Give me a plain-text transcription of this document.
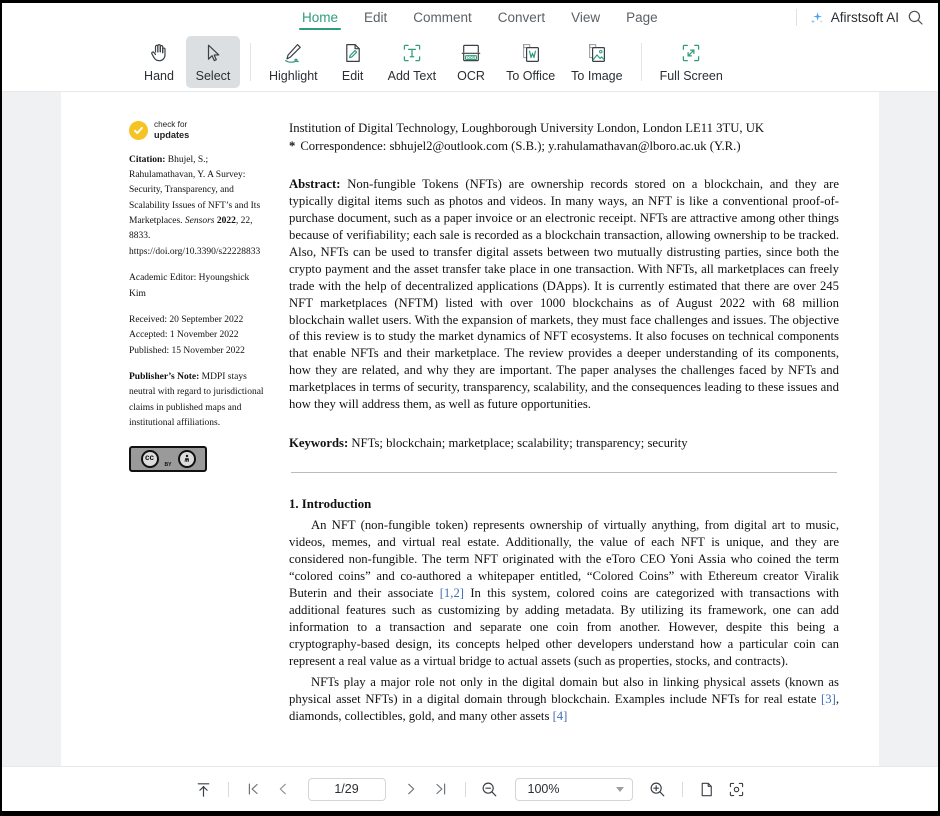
Home	Edit	Comment	Convert	View	Page	Afirstsoft AI
Hand Select	Highlight Edit Add Text
OCR
OCR To Office To Image	Full Screen
check for
updates
Citation: Bhujel, S.; Rahulamathavan, Y. A Survey: Security, Transparency, and Scalability Issues of NFT’s and Its Marketplaces. Sensors 2022, 22, 8833. https://doi.org/10.3390/s22228833
Academic Editor: Hyoungshick Kim
Received: 20 September 2022
Accepted: 1 November 2022
Published: 15 November 2022
Publisher’s Note: MDPI stays neutral with regard to jurisdictional claims in published maps and institutional affiliations.
cc
BY
Institution of Digital Technology, Loughborough University London, London LE11 3TU, UK
* Correspondence: sbhujel2@outlook.com (S.B.); y.rahulamathavan@lboro.ac.uk (Y.R.)
Abstract: Non-fungible Tokens (NFTs) are ownership records stored on a blockchain, and they are typically digital items such as photos and videos. In many ways, an NFT is like a conventional proof-of-purchase document, such as a paper invoice or an electronic receipt. NFTs are attractive among other things because of verifiability; each sale is recorded as a blockchain transaction, allowing ownership to be tracked. Also, NFTs can be used to transfer digital assets between two mutually distrusting parties, since both the crypto payment and the asset transfer take place in one transaction. With NFTs, all marketplaces can freely trade with the help of decentralized applications (DApps). It is currently estimated that there are over 245 NFT marketplaces (NFTM) listed with over 1000 blockchains as of August 2022 with 68 million blockchain wallet users. With the expansion of markets, they must face challenges and issues. The objective of this review is to study the market dynamics of NFT ecosystems. It also focuses on technical components that enable NFTs and their marketplace. The review provides a deeper understanding of its components, how they are related, and why they are important. The paper analyses the challenges faced by NFTs and marketplaces in terms of security, transparency, scalability, and the consequences leading to these issues and how they will address them, as well as future opportunities.
Keywords: NFTs; blockchain; marketplace; scalability; transparency; security
1. Introduction
An NFT (non-fungible token) represents ownership of virtually anything, from digital art to music, videos, memes, and virtual real estate. Additionally, the value of each NFT is unique, and they are considered non-fungible. The term NFT originated with the eToro CEO Yoni Assia who coined the term “colored coins” and co-authored a whitepaper entitled, “Colored Coins” with Ethereum creator Viralik Buterin and their associate [1,2] In this system, colored coins are categorized with transactions with additional features such as customizing by adding metadata. By utilizing its framework, one can add information to a transaction and separate one coin from another. However, despite this being a cryptography-based design, its concepts helped other developers understand how a particular coin can represent a real value as a virtual bridge to actual assets (such as properties, stocks, and contracts).
NFTs play a major role not only in the digital domain but also in linking physical assets (known as physical asset NFTs) in a digital domain through blockchain. Examples include NFTs for real estate [3], diamonds, collectibles, gold, and many other assets [4]
1/29	100%
